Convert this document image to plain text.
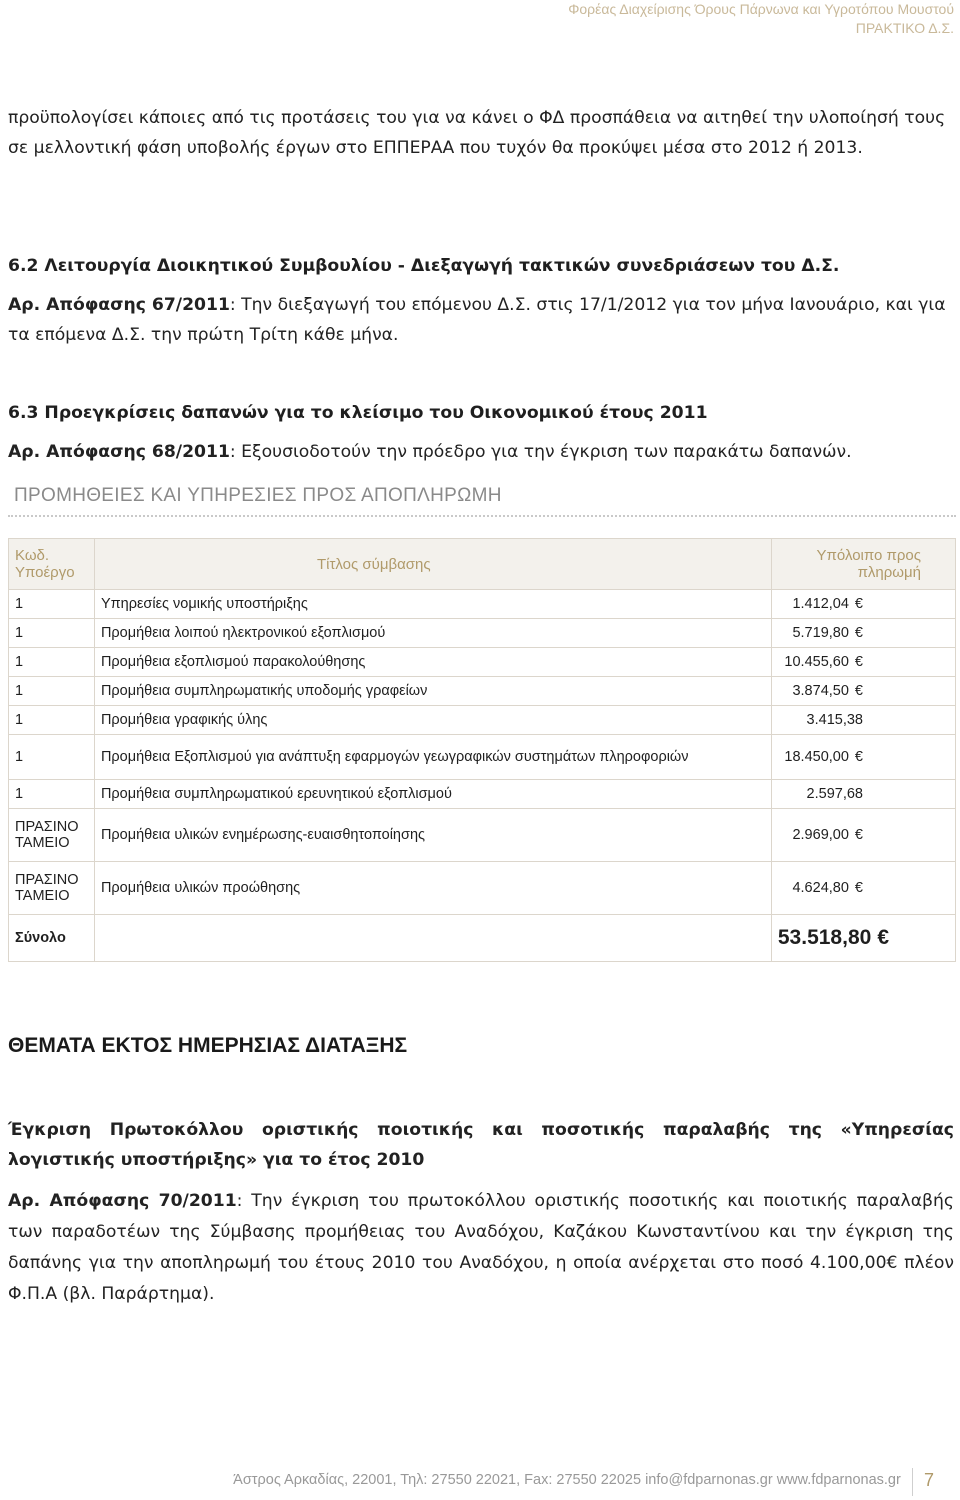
Φορέας Διαχείρισης Όρους Πάρνωνα και Υγροτόπου Μουστού
ΠΡΑΚΤΙΚΟ Δ.Σ.
προϋπολογίσει κάποιες από τις προτάσεις του για να κάνει ο ΦΔ προσπάθεια να αιτηθεί την υλοποίησή τους σε μελλοντική φάση υποβολής έργων στο ΕΠΠΕΡΑΑ που τυχόν θα προκύψει μέσα στο 2012 ή 2013.
6.2 Λειτουργία Διοικητικού Συμβουλίου - Διεξαγωγή τακτικών συνεδριάσεων του Δ.Σ.
Αρ. Απόφασης 67/2011: Την διεξαγωγή του επόμενου Δ.Σ. στις 17/1/2012 για τον μήνα Ιανουάριο, και για τα επόμενα Δ.Σ. την πρώτη Τρίτη κάθε μήνα.
6.3 Προεγκρίσεις δαπανών για το κλείσιμο του Οικονομικού έτους 2011
Αρ. Απόφασης 68/2011: Εξουσιοδοτούν την πρόεδρο για την έγκριση των παρακάτω δαπανών.
ΠΡΟΜΗΘΕΙΕΣ ΚΑΙ ΥΠΗΡΕΣΙΕΣ ΠΡΟΣ ΑΠΟΠΛΗΡΩΜΗ
Κωδ. Υποέργο	Τίτλος σύμβασης	Υπόλοιπο προς πληρωμή
1	Υπηρεσίες νομικής υποστήριξης	1.412,04 €
1	Προμήθεια λοιπού ηλεκτρονικού εξοπλισμού	5.719,80 €
1	Προμήθεια εξοπλισμού παρακολούθησης	10.455,60 €
1	Προμήθεια συμπληρωματικής υποδομής γραφείων	3.874,50 €
1	Προμήθεια γραφικής ύλης	3.415,38
1	Προμήθεια Εξοπλισμού για ανάπτυξη εφαρμογών γεωγραφικών συστημάτων πληροφοριών	18.450,00 €
1	Προμήθεια συμπληρωματικού ερευνητικού εξοπλισμού	2.597,68
ΠΡΑΣΙΝΟ ΤΑΜΕΙΟ	Προμήθεια υλικών ενημέρωσης-ευαισθητοποίησης	2.969,00 €
ΠΡΑΣΙΝΟ ΤΑΜΕΙΟ	Προμήθεια υλικών προώθησης	4.624,80 €
Σύνολο		53.518,80 €
ΘΕΜΑΤΑ ΕΚΤΟΣ ΗΜΕΡΗΣΙΑΣ ΔΙΑΤΑΞΗΣ
Έγκριση Πρωτοκόλλου οριστικής ποιοτικής και ποσοτικής παραλαβής της «Υπηρεσίας λογιστικής υποστήριξης» για το έτος 2010
Αρ. Απόφασης 70/2011: Την έγκριση του πρωτοκόλλου οριστικής ποσοτικής και ποιοτικής παραλαβής των παραδοτέων της Σύμβασης προμήθειας του Αναδόχου, Καζάκου Κωνσταντίνου και την έγκριση της δαπάνης για την αποπληρωμή του έτους 2010 του Αναδόχου, η οποία ανέρχεται στο ποσό 4.100,00€ πλέον Φ.Π.Α (βλ. Παράρτημα).
Άστρος Αρκαδίας, 22001, Τηλ: 27550 22021, Fax: 27550 22025 info@fdparnonas.gr www.fdparnonas.gr 7
